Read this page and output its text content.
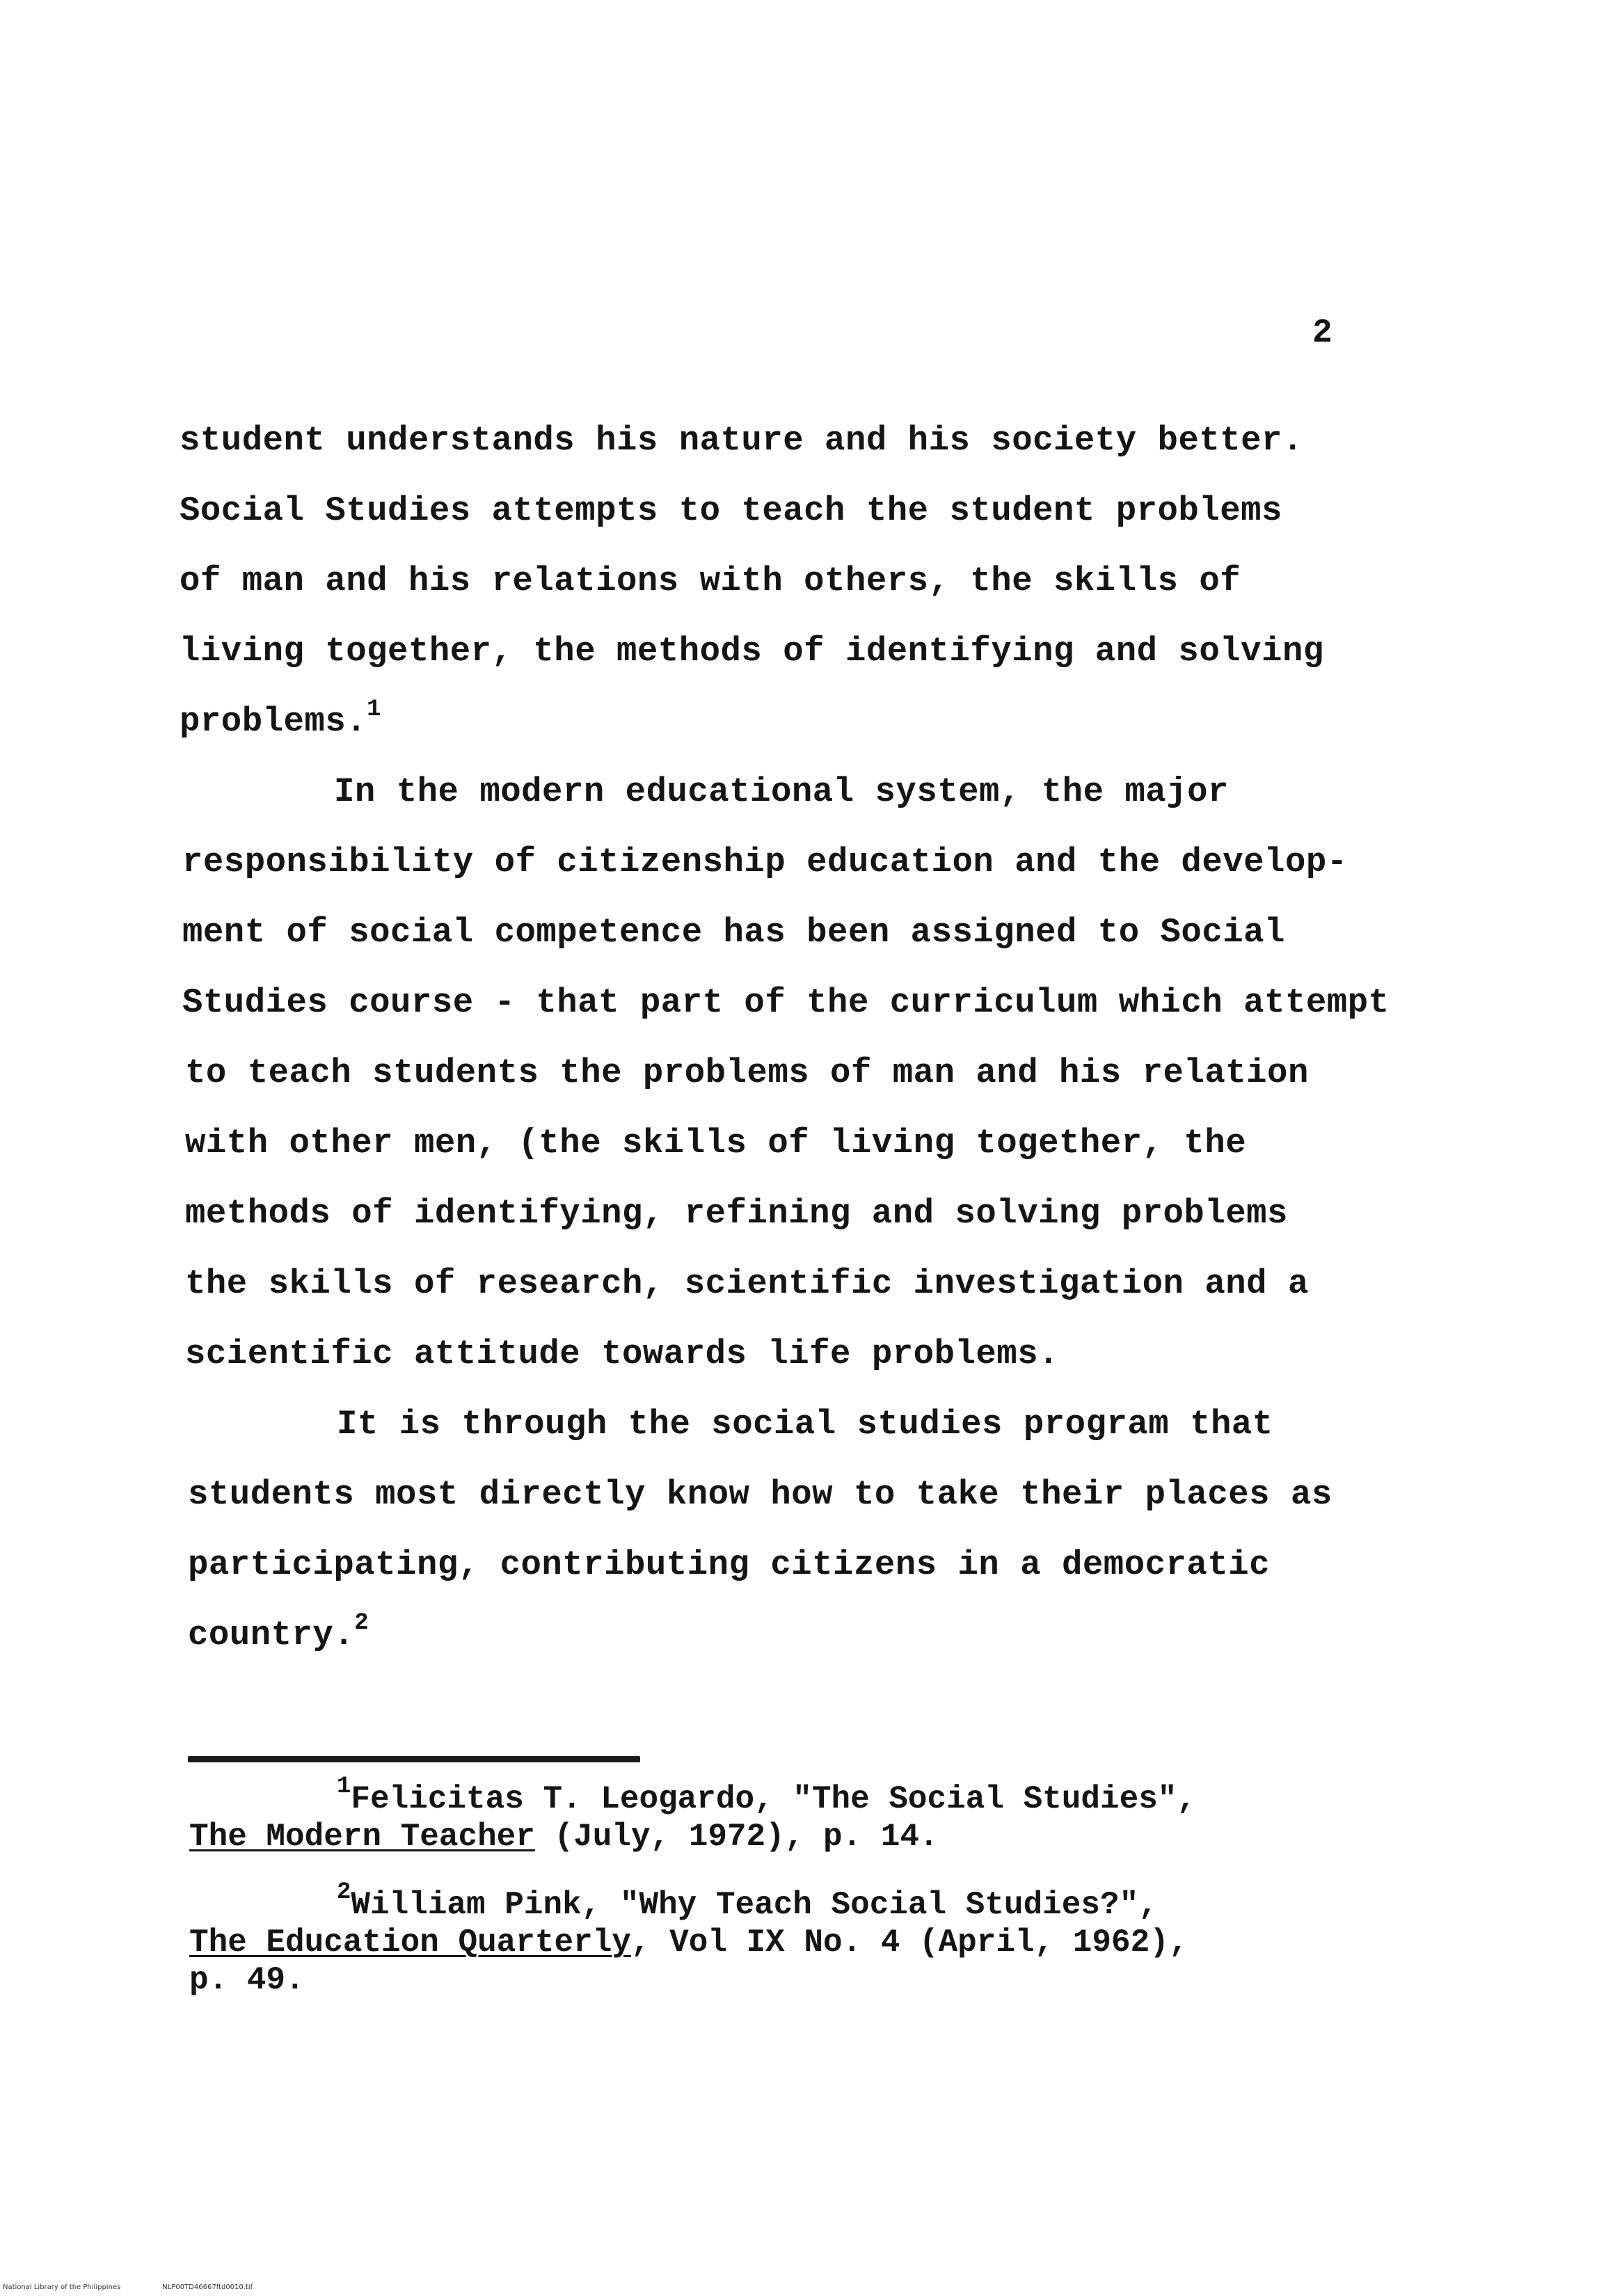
2
student understands his nature and his society better.
Social Studies attempts to teach the student problems
of man and his relations with others, the skills of
living together, the methods of identifying and solving
problems.$^1$
In the modern educational system, the major
responsibility of citizenship education and the develop-
ment of social competence has been assigned to Social
Studies course - that part of the curriculum which attempt
to teach students the problems of man and his relation
with other men, (the skills of living together, the
methods of identifying, refining and solving problems
the skills of research, scientific investigation and a
scientific attitude towards life problems.
It is through the social studies program that
students most directly know how to take their places as
participating, contributing citizens in a democratic
country.$^2$
$^1$Felicitas T. Leogardo, "The Social Studies",
The Modern Teacher (July, 1972), p. 14.
$^2$William Pink, "Why Teach Social Studies?",
The Education Quarterly, Vol IX No. 4 (April, 1962),
p. 49.
National Library of the Philippines	NLP00TD46667ftd0010.tif
